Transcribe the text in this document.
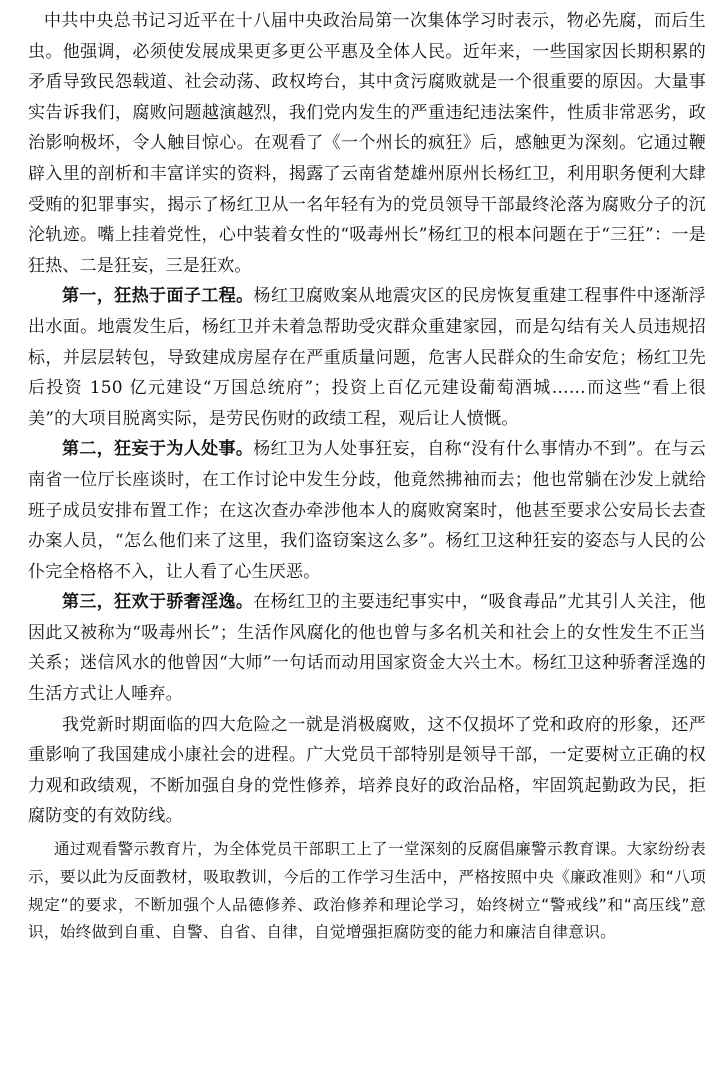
中共中央总书记习近平在十八届中央政治局第一次集体学习时表示，物必先腐，而后生虫。他强调，必须使发展成果更多更公平惠及全体人民。近年来，一些国家因长期积累的矛盾导致民怨载道、社会动荡、政权垮台，其中贪污腐败就是一个很重要的原因。大量事实告诉我们，腐败问题越演越烈，我们党内发生的严重违纪违法案件，性质非常恶劣，政治影响极坏，令人触目惊心。在观看了《一个州长的疯狂》后，感触更为深刻。它通过鞭辟入里的剖析和丰富详实的资料，揭露了云南省楚雄州原州长杨红卫，利用职务便利大肆受贿的犯罪事实，揭示了杨红卫从一名年轻有为的党员领导干部最终沦落为腐败分子的沉沦轨迹。嘴上挂着党性，心中装着女性的“吸毒州长”杨红卫的根本问题在于“三狂”：一是狂热、二是狂妄，三是狂欢。

第一，狂热于面子工程。杨红卫腐败案从地震灾区的民房恢复重建工程事件中逐渐浮出水面。地震发生后，杨红卫并未着急帮助受灾群众重建家园，而是勾结有关人员违规招标，并层层转包，导致建成房屋存在严重质量问题，危害人民群众的生命安危；杨红卫先后投资 150 亿元建设“万国总统府”；投资上百亿元建设葡萄酒城……而这些“看上很美”的大项目脱离实际，是劳民伤财的政绩工程，观后让人愤慨。

第二，狂妄于为人处事。杨红卫为人处事狂妄，自称“没有什么事情办不到”。在与云南省一位厅长座谈时，在工作讨论中发生分歧，他竟然拂袖而去；他也常躺在沙发上就给班子成员安排布置工作；在这次查办牵涉他本人的腐败窝案时，他甚至要求公安局长去查办案人员，“怎么他们来了这里，我们盗窃案这么多”。杨红卫这种狂妄的姿态与人民的公仆完全格格不入，让人看了心生厌恶。

第三，狂欢于骄奢淫逸。在杨红卫的主要违纪事实中，“吸食毒品”尤其引人关注，他因此又被称为“吸毒州长”；生活作风腐化的他也曾与多名机关和社会上的女性发生不正当关系；迷信风水的他曾因“大师”一句话而动用国家资金大兴土木。杨红卫这种骄奢淫逸的生活方式让人唾弃。

我党新时期面临的四大危险之一就是消极腐败，这不仅损坏了党和政府的形象，还严重影响了我国建成小康社会的进程。广大党员干部特别是领导干部，一定要树立正确的权力观和政绩观，不断加强自身的党性修养，培养良好的政治品格，牢固筑起勤政为民，拒腐防变的有效防线。

通过观看警示教育片，为全体党员干部职工上了一堂深刻的反腐倡廉警示教育课。大家纷纷表示，要以此为反面教材，吸取教训，今后的工作学习生活中，严格按照中央《廉政准则》和“八项规定”的要求，不断加强个人品德修养、政治修养和理论学习，始终树立“警戒线”和“高压线”意识，始终做到自重、自警、自省、自律，自觉增强拒腐防变的能力和廉洁自律意识。
